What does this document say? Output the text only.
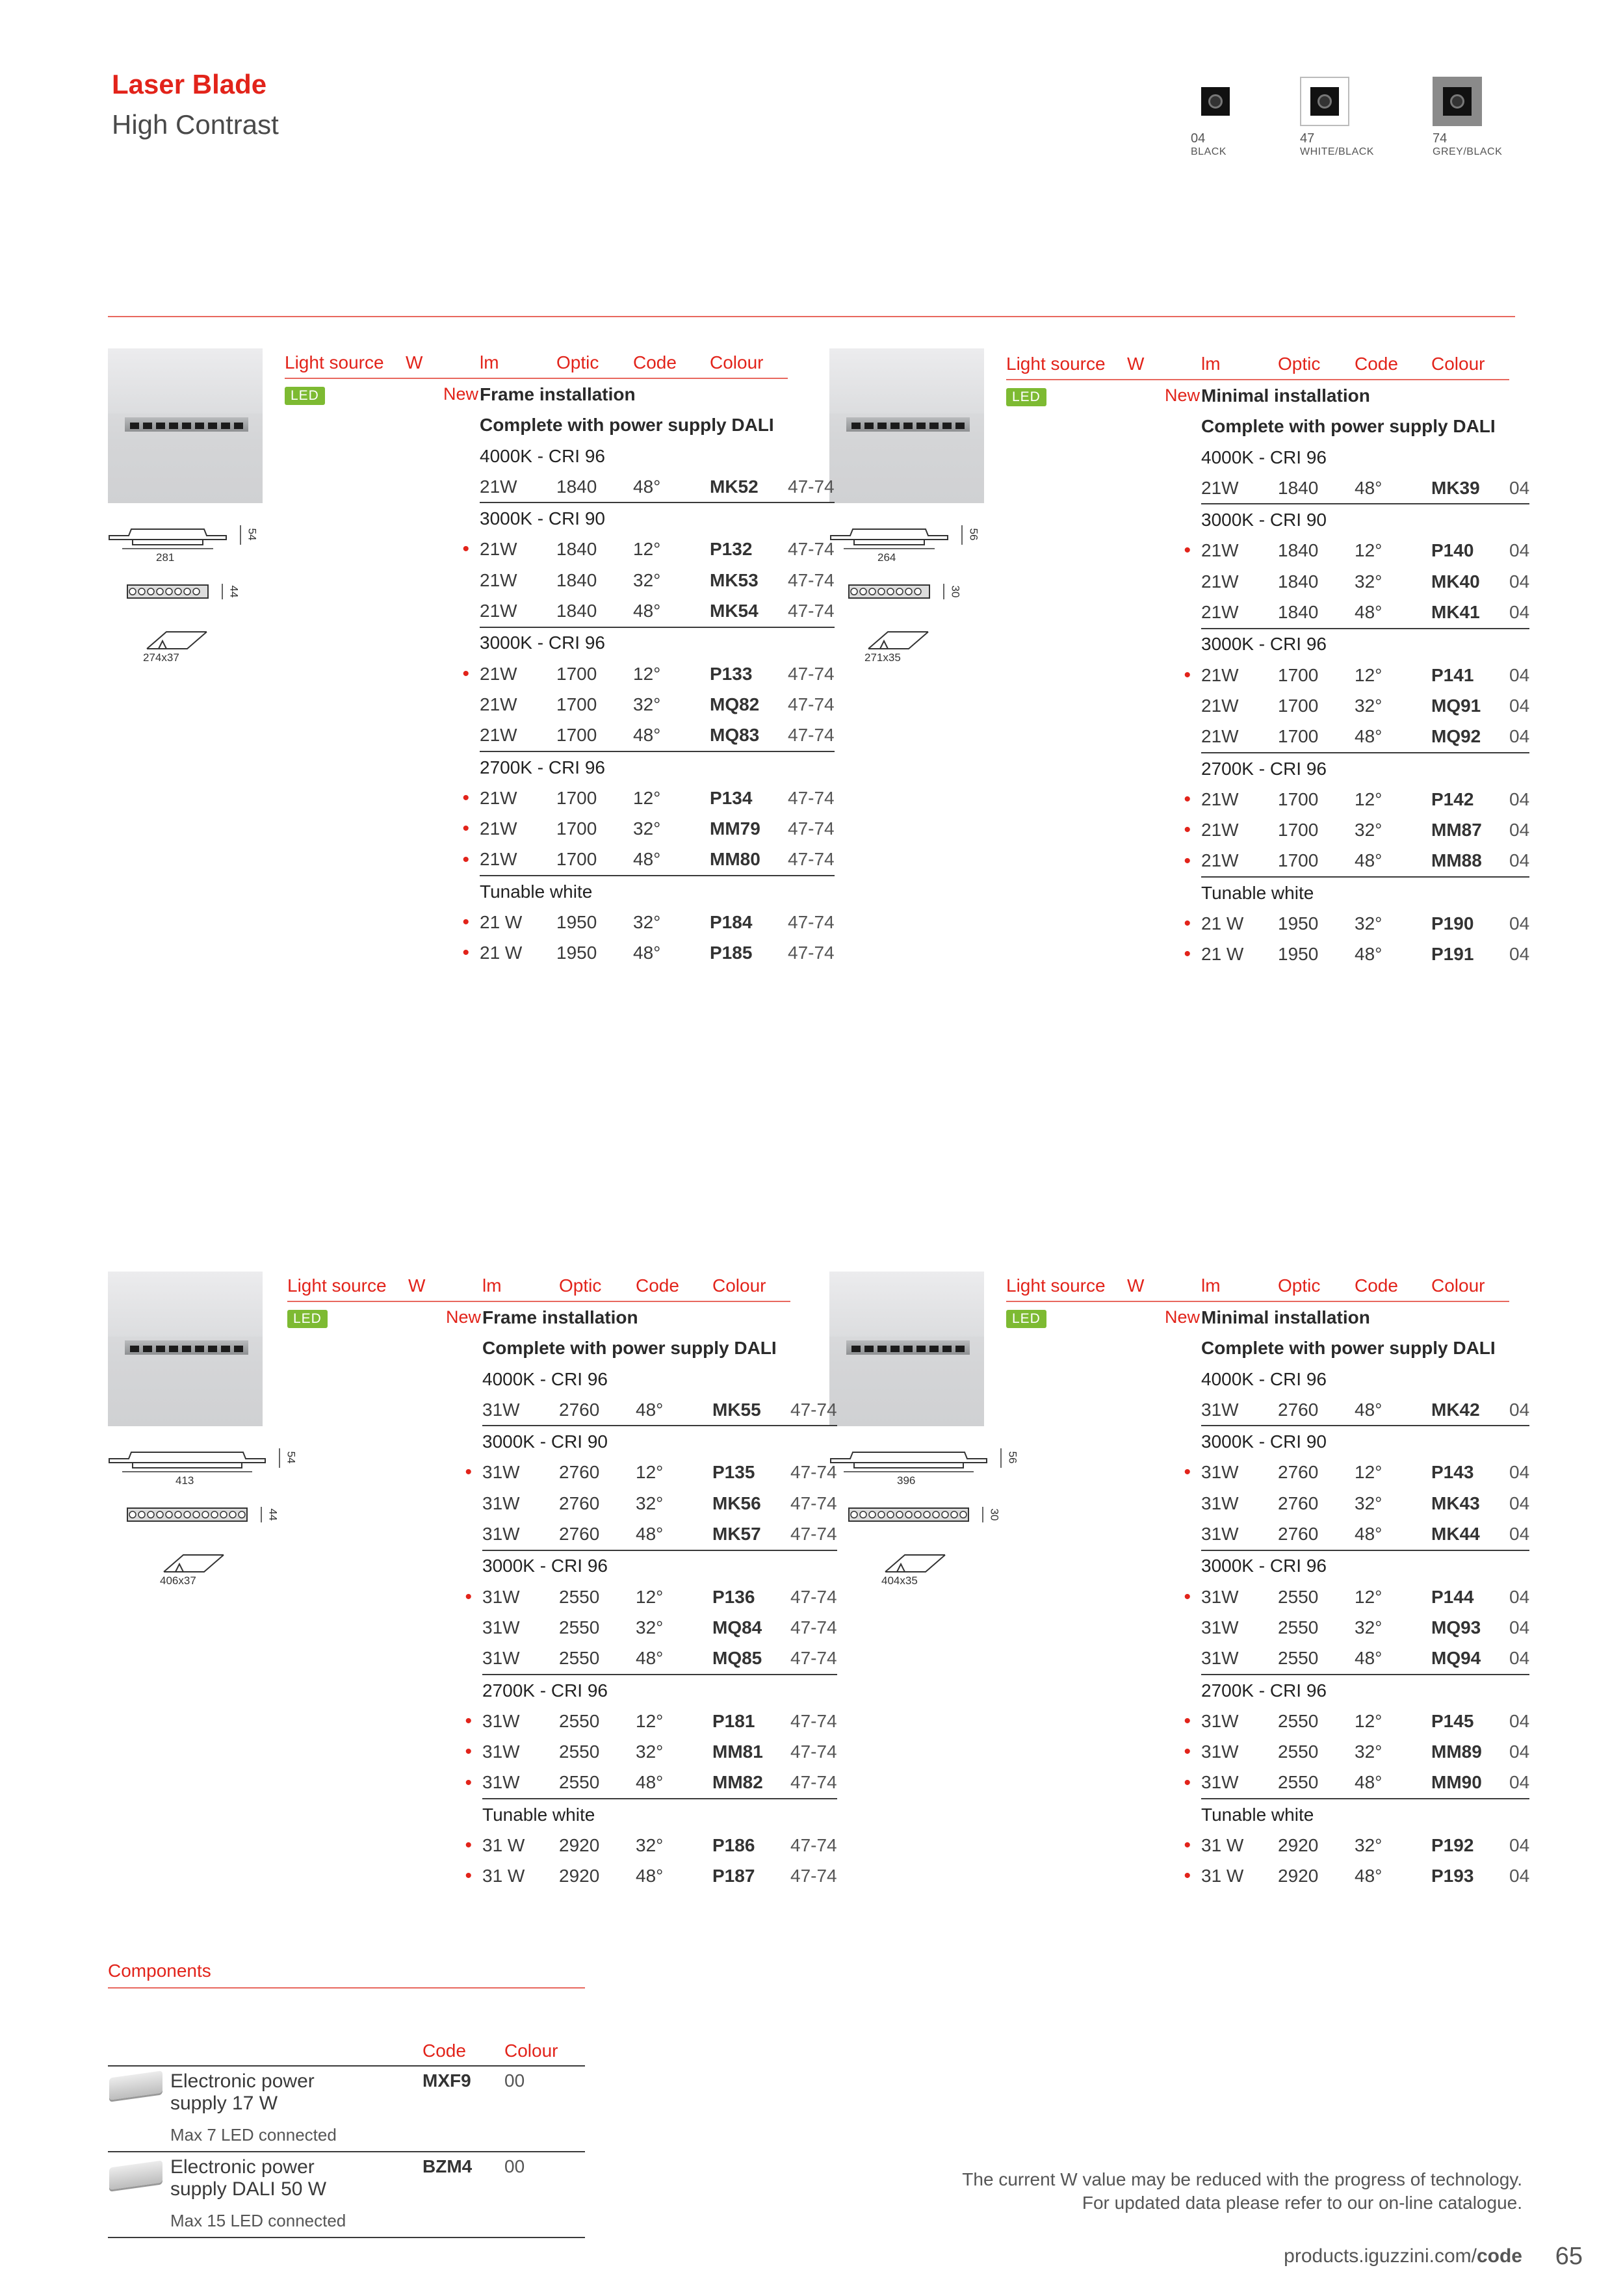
Laser Blade
High Contrast	04
BLACK
47
WHITE/BLACK
74
GREY/BLACK
281
54
44
274x37
264
56
30
271x35
413
54
44
406x37
396
56
30
404x35
Light source	W	lm	Optic	Code	Colour	
LED	New	Frame installation				
		Complete with power supply DALI				
		4000K - CRI 96				
		21W	1840	48°	MK52	47-74
		3000K - CRI 90				
	•	21W	1840	12°	P132	47-74
		21W	1840	32°	MK53	47-74
		21W	1840	48°	MK54	47-74
		3000K - CRI 96				
	•	21W	1700	12°	P133	47-74
		21W	1700	32°	MQ82	47-74
		21W	1700	48°	MQ83	47-74
		2700K - CRI 96				
	•	21W	1700	12°	P134	47-74
	•	21W	1700	32°	MM79	47-74
	•	21W	1700	48°	MM80	47-74
		Tunable white				
	•	21 W	1950	32°	P184	47-74
	•	21 W	1950	48°	P185	47-74
Light source	W	lm	Optic	Code	Colour	
LED	New	Minimal installation				
		Complete with power supply DALI				
		4000K - CRI 96				
		21W	1840	48°	MK39	04
		3000K - CRI 90				
	•	21W	1840	12°	P140	04
		21W	1840	32°	MK40	04
		21W	1840	48°	MK41	04
		3000K - CRI 96				
	•	21W	1700	12°	P141	04
		21W	1700	32°	MQ91	04
		21W	1700	48°	MQ92	04
		2700K - CRI 96				
	•	21W	1700	12°	P142	04
	•	21W	1700	32°	MM87	04
	•	21W	1700	48°	MM88	04
		Tunable white				
	•	21 W	1950	32°	P190	04
	•	21 W	1950	48°	P191	04
Light source	W	lm	Optic	Code	Colour	
LED	New	Frame installation				
		Complete with power supply DALI				
		4000K - CRI 96				
		31W	2760	48°	MK55	47-74
		3000K - CRI 90				
	•	31W	2760	12°	P135	47-74
		31W	2760	32°	MK56	47-74
		31W	2760	48°	MK57	47-74
		3000K - CRI 96				
	•	31W	2550	12°	P136	47-74
		31W	2550	32°	MQ84	47-74
		31W	2550	48°	MQ85	47-74
		2700K - CRI 96				
	•	31W	2550	12°	P181	47-74
	•	31W	2550	32°	MM81	47-74
	•	31W	2550	48°	MM82	47-74
		Tunable white				
	•	31 W	2920	32°	P186	47-74
	•	31 W	2920	48°	P187	47-74
Light source	W	lm	Optic	Code	Colour	
LED	New	Minimal installation				
		Complete with power supply DALI				
		4000K - CRI 96				
		31W	2760	48°	MK42	04
		3000K - CRI 90				
	•	31W	2760	12°	P143	04
		31W	2760	32°	MK43	04
		31W	2760	48°	MK44	04
		3000K - CRI 96				
	•	31W	2550	12°	P144	04
		31W	2550	32°	MQ93	04
		31W	2550	48°	MQ94	04
		2700K - CRI 96				
	•	31W	2550	12°	P145	04
	•	31W	2550	32°	MM89	04
	•	31W	2550	48°	MM90	04
		Tunable white				
	•	31 W	2920	32°	P192	04
	•	31 W	2920	48°	P193	04
Components
Code Colour
Electronic power supply 17 W
Max 7 LED connected
MXF9 00
Electronic power supply DALI 50 W
Max 15 LED connected
BZM4 00
The current W value may be reduced with the progress of technology.
For updated data please refer to our on-line catalogue.
products.iguzzini.com/code 65
